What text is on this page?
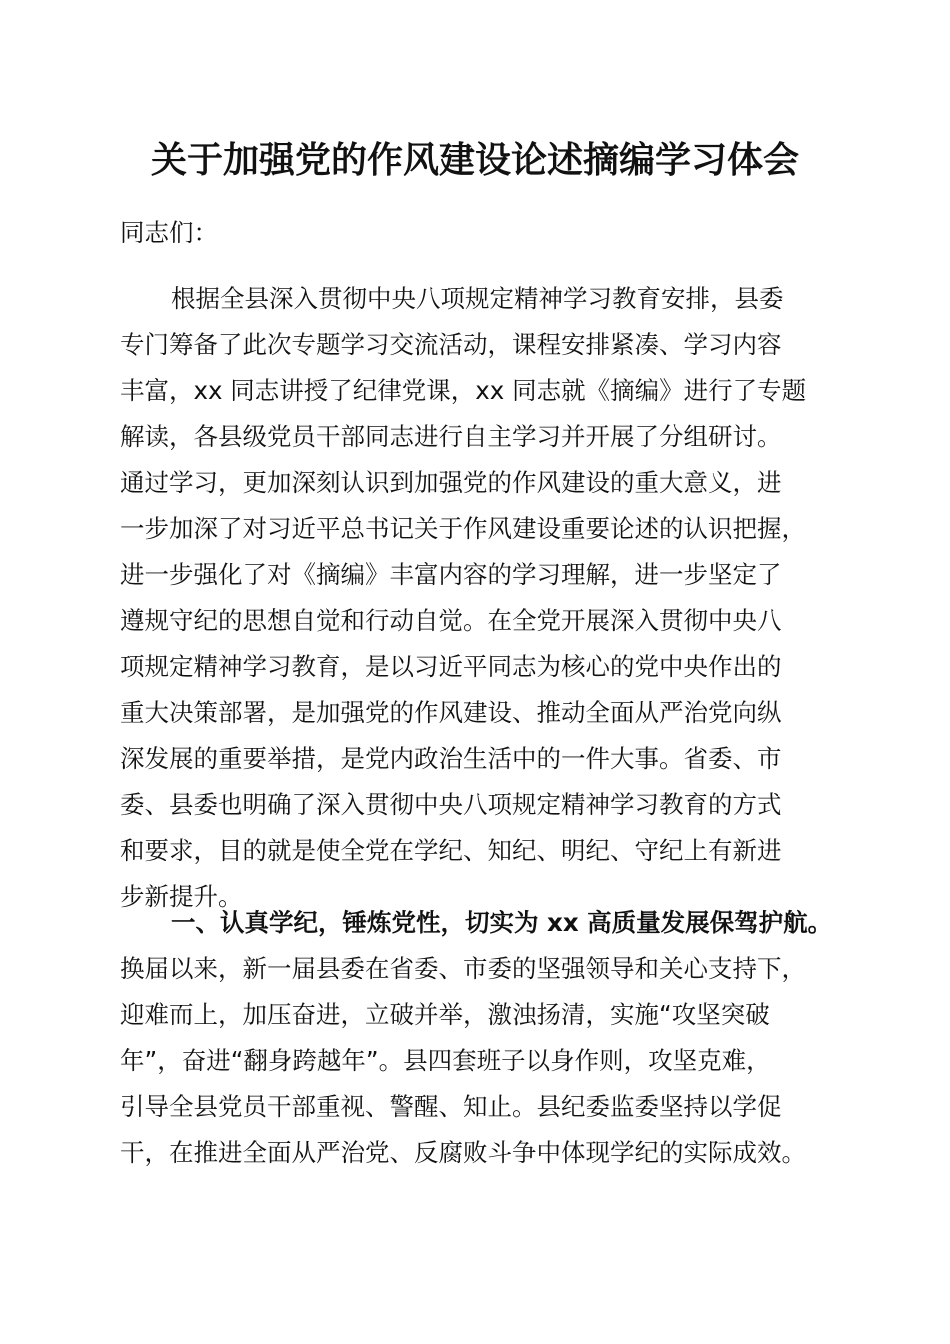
关于加强党的作风建设论述摘编学习体会
同志们：
根据全县深入贯彻中央八项规定精神学习教育安排，县委
专门筹备了此次专题学习交流活动，课程安排紧凑、学习内容
丰富，xx 同志讲授了纪律党课，xx 同志就《摘编》进行了专题
解读，各县级党员干部同志进行自主学习并开展了分组研讨。
通过学习，更加深刻认识到加强党的作风建设的重大意义，进
一步加深了对习近平总书记关于作风建设重要论述的认识把握，
进一步强化了对《摘编》丰富内容的学习理解，进一步坚定了
遵规守纪的思想自觉和行动自觉。在全党开展深入贯彻中央八
项规定精神学习教育，是以习近平同志为核心的党中央作出的
重大决策部署，是加强党的作风建设、推动全面从严治党向纵
深发展的重要举措，是党内政治生活中的一件大事。省委、市
委、县委也明确了深入贯彻中央八项规定精神学习教育的方式
和要求，目的就是使全党在学纪、知纪、明纪、守纪上有新进
步新提升。
一、认真学纪，锤炼党性，切实为 xx 高质量发展保驾护航。
换届以来，新一届县委在省委、市委的坚强领导和关心支持下，
迎难而上，加压奋进，立破并举，激浊扬清，实施“攻坚突破
年”，奋进“翻身跨越年”。县四套班子以身作则，攻坚克难，
引导全县党员干部重视、警醒、知止。县纪委监委坚持以学促
干，在推进全面从严治党、反腐败斗争中体现学纪的实际成效。
